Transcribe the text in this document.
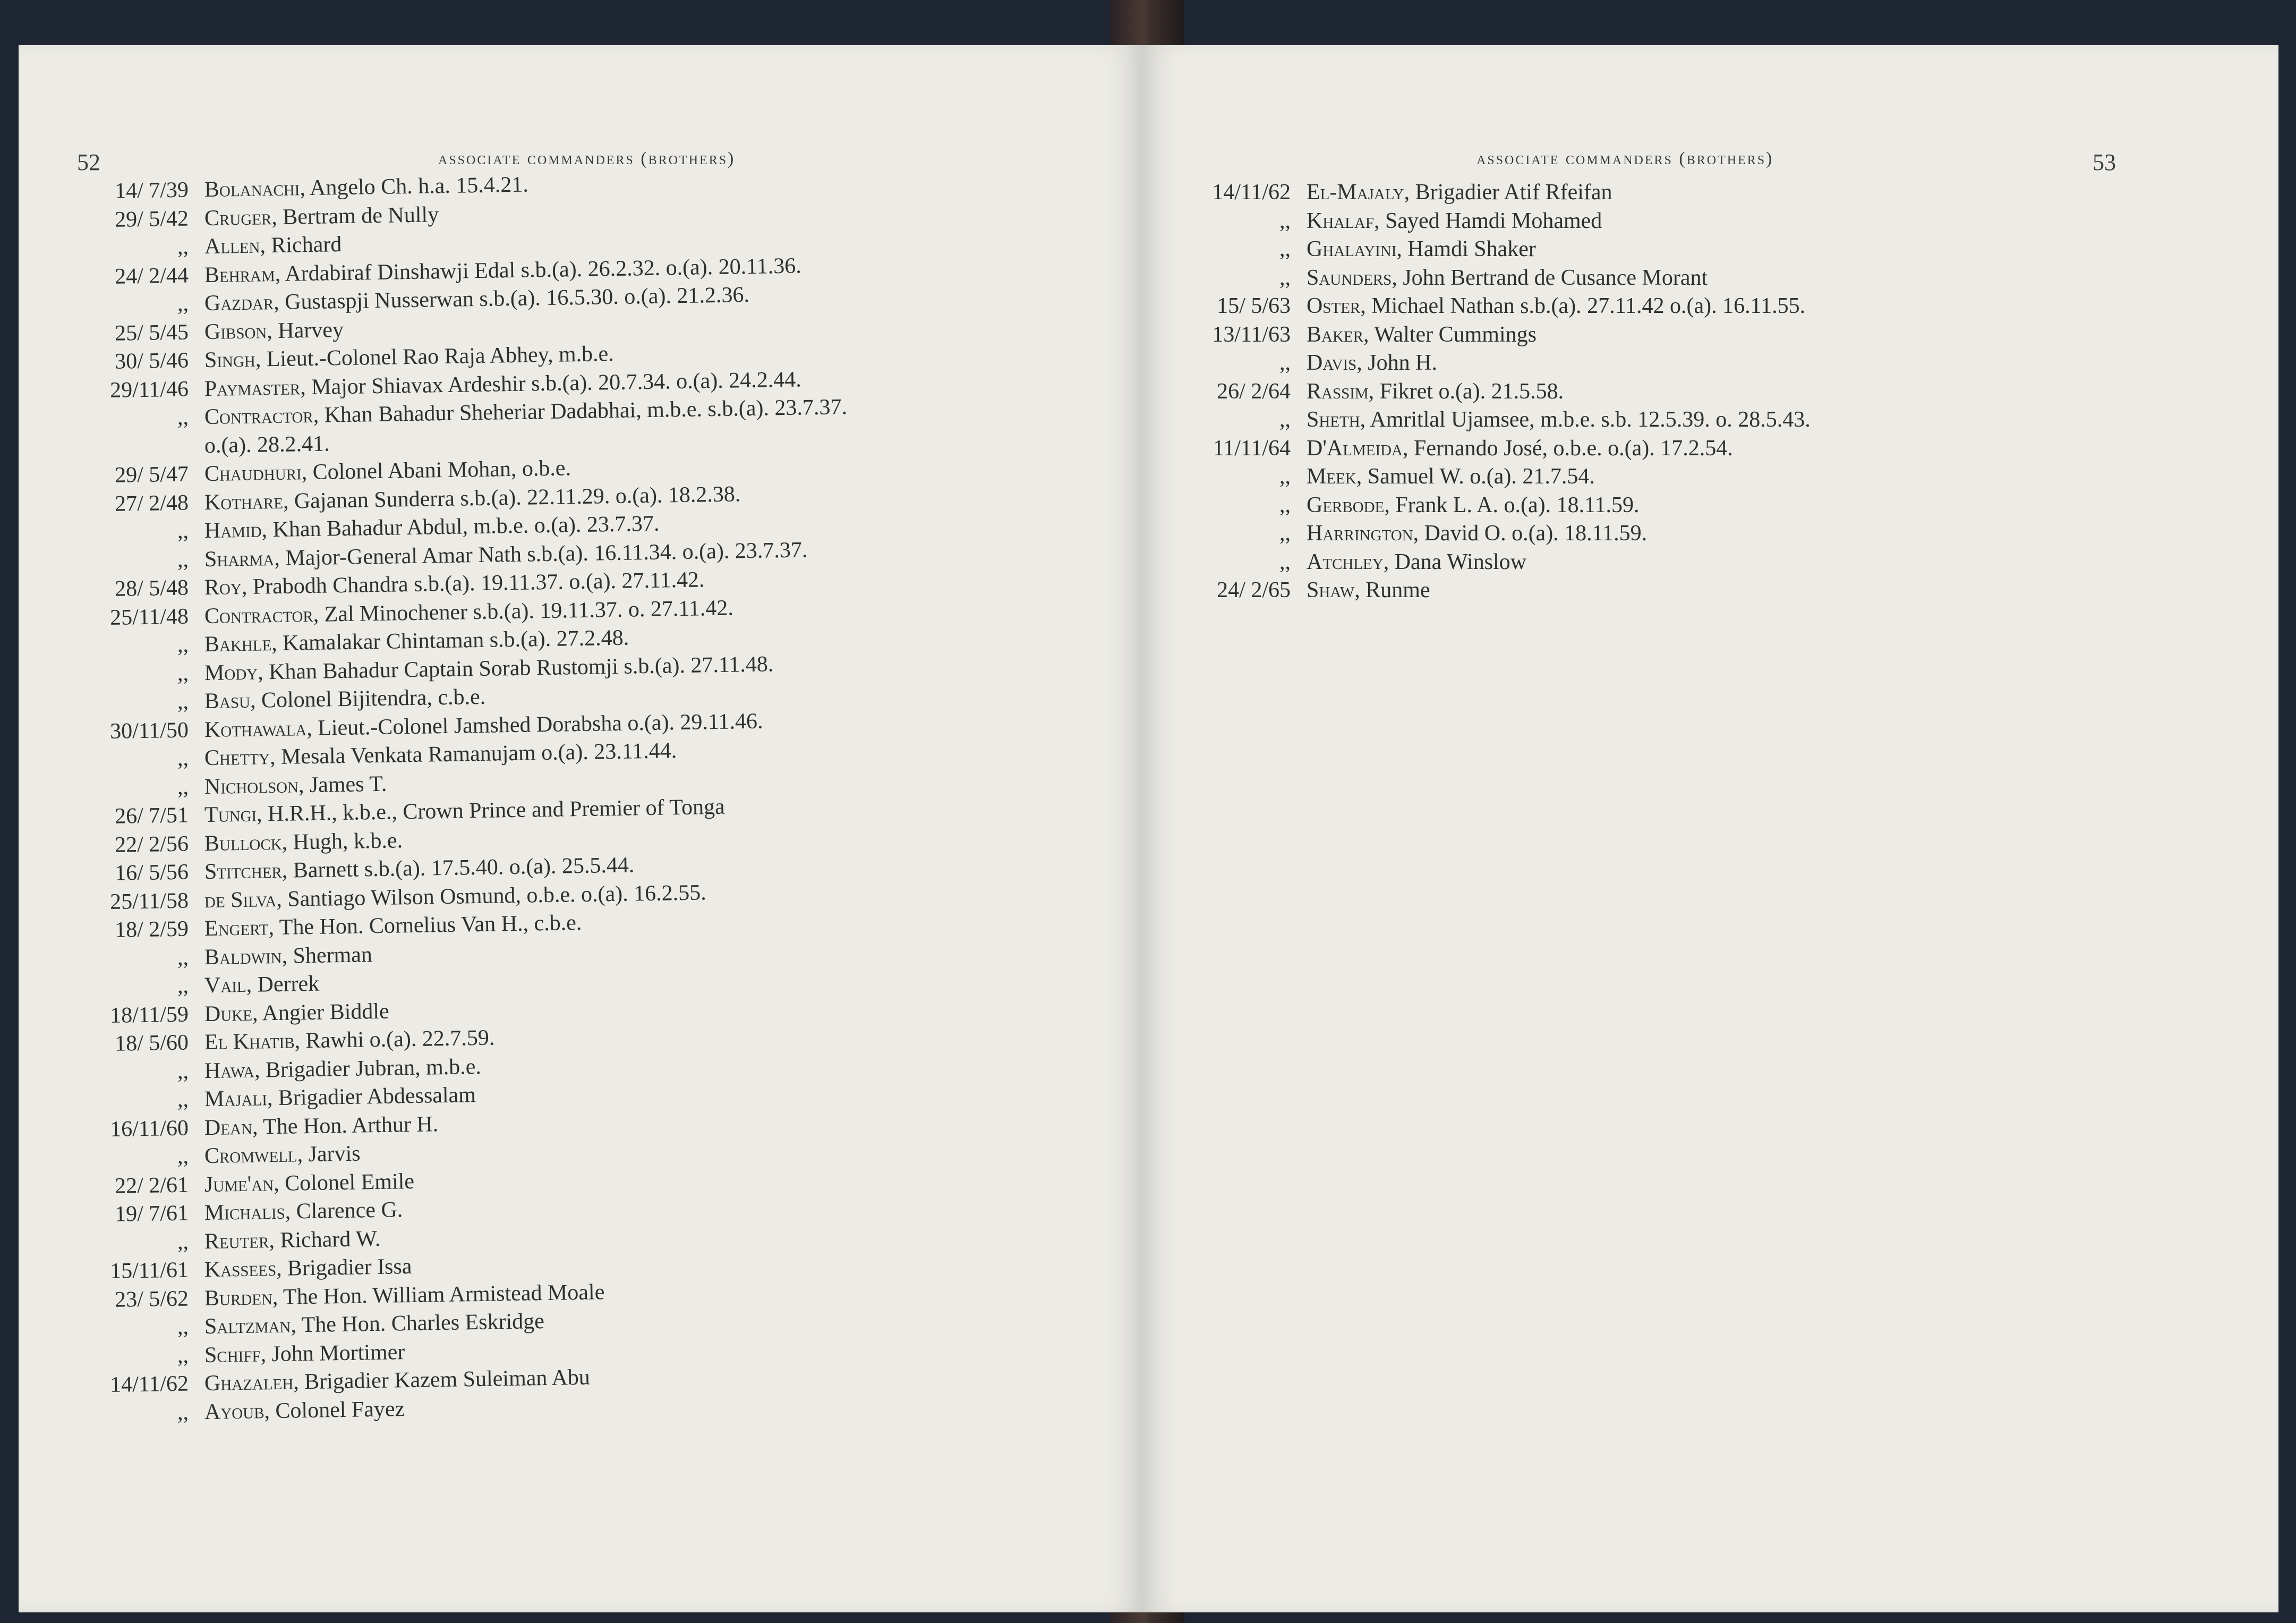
52	associate commanders (brothers)
14/ 7/39 Bolanachi, Angelo Ch. h.a. 15.4.21.
29/ 5/42 Cruger, Bertram de Nully
,, Allen, Richard
24/ 2/44 Behram, Ardabiraf Dinshawji Edal s.b.(a). 26.2.32. o.(a). 20.11.36.
,, Gazdar, Gustaspji Nusserwan s.b.(a). 16.5.30. o.(a). 21.2.36.
25/ 5/45 Gibson, Harvey
30/ 5/46 Singh, Lieut.-Colonel Rao Raja Abhey, m.b.e.
29/11/46 Paymaster, Major Shiavax Ardeshir s.b.(a). 20.7.34. o.(a). 24.2.44.
,, Contractor, Khan Bahadur Sheheriar Dadabhai, m.b.e. s.b.(a). 23.7.37.
o.(a). 28.2.41.
29/ 5/47 Chaudhuri, Colonel Abani Mohan, o.b.e.
27/ 2/48 Kothare, Gajanan Sunderra s.b.(a). 22.11.29. o.(a). 18.2.38.
,, Hamid, Khan Bahadur Abdul, m.b.e. o.(a). 23.7.37.
,, Sharma, Major-General Amar Nath s.b.(a). 16.11.34. o.(a). 23.7.37.
28/ 5/48 Roy, Prabodh Chandra s.b.(a). 19.11.37. o.(a). 27.11.42.
25/11/48 Contractor, Zal Minochener s.b.(a). 19.11.37. o. 27.11.42.
,, Bakhle, Kamalakar Chintaman s.b.(a). 27.2.48.
,, Mody, Khan Bahadur Captain Sorab Rustomji s.b.(a). 27.11.48.
,, Basu, Colonel Bijitendra, c.b.e.
30/11/50 Kothawala, Lieut.-Colonel Jamshed Dorabsha o.(a). 29.11.46.
,, Chetty, Mesala Venkata Ramanujam o.(a). 23.11.44.
,, Nicholson, James T.
26/ 7/51 Tungi, H.R.H., k.b.e., Crown Prince and Premier of Tonga
22/ 2/56 Bullock, Hugh, k.b.e.
16/ 5/56 Stitcher, Barnett s.b.(a). 17.5.40. o.(a). 25.5.44.
25/11/58 de Silva, Santiago Wilson Osmund, o.b.e. o.(a). 16.2.55.
18/ 2/59 Engert, The Hon. Cornelius Van H., c.b.e.
,, Baldwin, Sherman
,, Vail, Derrek
18/11/59 Duke, Angier Biddle
18/ 5/60 El Khatib, Rawhi o.(a). 22.7.59.
,, Hawa, Brigadier Jubran, m.b.e.
,, Majali, Brigadier Abdessalam
16/11/60 Dean, The Hon. Arthur H.
,, Cromwell, Jarvis
22/ 2/61 Jume'an, Colonel Emile
19/ 7/61 Michalis, Clarence G.
,, Reuter, Richard W.
15/11/61 Kassees, Brigadier Issa
23/ 5/62 Burden, The Hon. William Armistead Moale
,, Saltzman, The Hon. Charles Eskridge
,, Schiff, John Mortimer
14/11/62 Ghazaleh, Brigadier Kazem Suleiman Abu
,, Ayoub, Colonel Fayez
associate commanders (brothers)	53
14/11/62 El-Majaly, Brigadier Atif Rfeifan
,, Khalaf, Sayed Hamdi Mohamed
,, Ghalayini, Hamdi Shaker
,, Saunders, John Bertrand de Cusance Morant
15/ 5/63 Oster, Michael Nathan s.b.(a). 27.11.42 o.(a). 16.11.55.
13/11/63 Baker, Walter Cummings
,, Davis, John H.
26/ 2/64 Rassim, Fikret o.(a). 21.5.58.
,, Sheth, Amritlal Ujamsee, m.b.e. s.b. 12.5.39. o. 28.5.43.
11/11/64 D'Almeida, Fernando José, o.b.e. o.(a). 17.2.54.
,, Meek, Samuel W. o.(a). 21.7.54.
,, Gerbode, Frank L. A. o.(a). 18.11.59.
,, Harrington, David O. o.(a). 18.11.59.
,, Atchley, Dana Winslow
24/ 2/65 Shaw, Runme
